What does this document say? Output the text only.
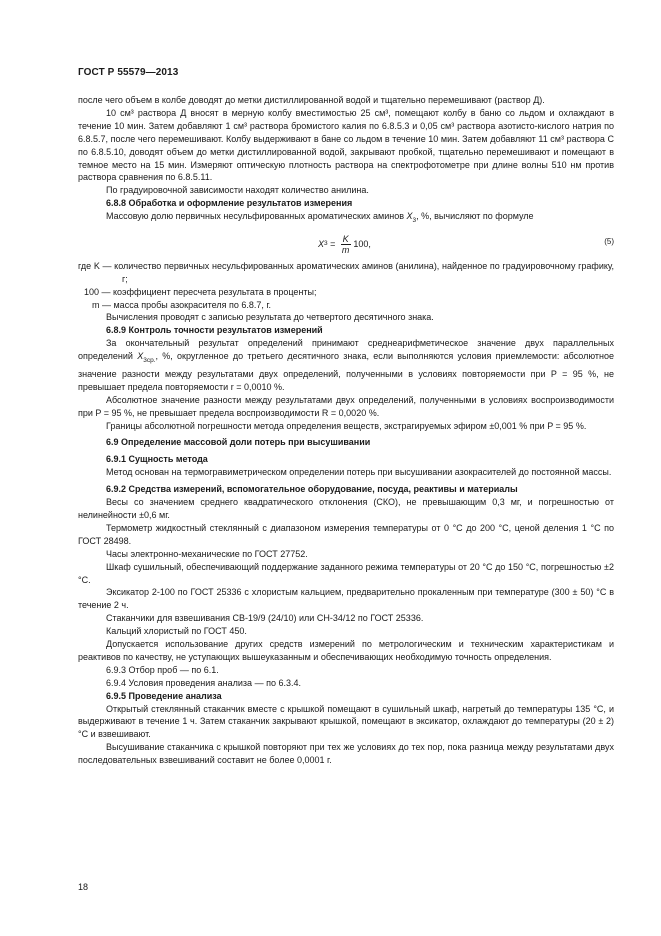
ГОСТ Р 55579—2013

после чего объем в колбе доводят до метки дистиллированной водой и тщательно перемешивают (раствор Д).

10 см³ раствора Д вносят в мерную колбу вместимостью 25 см³, помещают колбу в баню со льдом и охлаждают в течение 10 мин. Затем добавляют 1 см³ раствора бромистого калия по 6.8.5.3 и 0,05 см³ раствора азотисто-кислого натрия по 6.8.5.7, после чего перемешивают. Колбу выдерживают в бане со льдом в течение 10 мин. Затем добавляют 11 см³ раствора С по 6.8.5.10, доводят объем до метки дистиллированной водой, закрывают пробкой, тщательно перемешивают и помещают в темное место на 15 мин. Измеряют оптическую плотность раствора на спектрофотометре при длине волны 510 нм против раствора сравнения по 6.8.5.11.

По градуировочной зависимости находят количество анилина.

6.8.8 Обработка и оформление результатов измерения

Массовую долю первичных несульфированных ароматических аминов $X_3$, %, вычисляют по формуле

X $3 = \frac{K}{m} 100$,	(5)

где K — количество первичных несульфированных ароматических аминов (анилина), найденное по градуировочному графику, г;

100 — коэффициент пересчета результата в проценты;

m — масса пробы азокрасителя по 6.8.7, г.

Вычисления проводят с записью результата до четвертого десятичного знака.

6.8.9 Контроль точности результатов измерений

За окончательный результат определений принимают среднеарифметическое значение двух параллельных определений $X_{3ср.}$, %, округленное до третьего десятичного знака, если выполняются условия приемлемости: абсолютное значение разности между результатами двух определений, полученными в условиях повторяемости при P = 95 %, не превышает предела повторяемости r = 0,0010 %.

Абсолютное значение разности между результатами двух определений, полученными в условиях воспроизводимости при P = 95 %, не превышает предела воспроизводимости R = 0,0020 %.

Границы абсолютной погрешности метода определения веществ, экстрагируемых эфиром ±0,001 % при P = 95 %.

6.9 Определение массовой доли потерь при высушивании

6.9.1 Сущность метода

Метод основан на термогравиметрическом определении потерь при высушивании азокрасителей до постоянной массы.

6.9.2 Средства измерений, вспомогательное оборудование, посуда, реактивы и материалы

Весы со значением среднего квадратического отклонения (СКО), не превышающим 0,3 мг, и погрешностью от нелинейности ±0,6 мг.

Термометр жидкостный стеклянный с диапазоном измерения температуры от 0 °С до 200 °С, ценой деления 1 °С по ГОСТ 28498.

Часы электронно-механические по ГОСТ 27752.

Шкаф сушильный, обеспечивающий поддержание заданного режима температуры от 20 °С до 150 °С, погрешностью ±2 °С.

Эксикатор 2-100 по ГОСТ 25336 с хлористым кальцием, предварительно прокаленным при температуре (300 ± 50) °С в течение 2 ч.

Стаканчики для взвешивания СВ-19/9 (24/10) или СН-34/12 по ГОСТ 25336.

Кальций хлористый по ГОСТ 450.

Допускается использование других средств измерений по метрологическим и техническим характеристикам и реактивов по качеству, не уступающих вышеуказанным и обеспечивающих необходимую точность определения.

6.9.3 Отбор проб — по 6.1.

6.9.4 Условия проведения анализа — по 6.3.4.

6.9.5 Проведение анализа

Открытый стеклянный стаканчик вместе с крышкой помещают в сушильный шкаф, нагретый до температуры 135 °С, и выдерживают в течение 1 ч. Затем стаканчик закрывают крышкой, помещают в эксикатор, охлаждают до температуры (20 ± 2) °С и взвешивают.

Высушивание стаканчика с крышкой повторяют при тех же условиях до тех пор, пока разница между результатами двух последовательных взвешиваний составит не более 0,0001 г.

18
